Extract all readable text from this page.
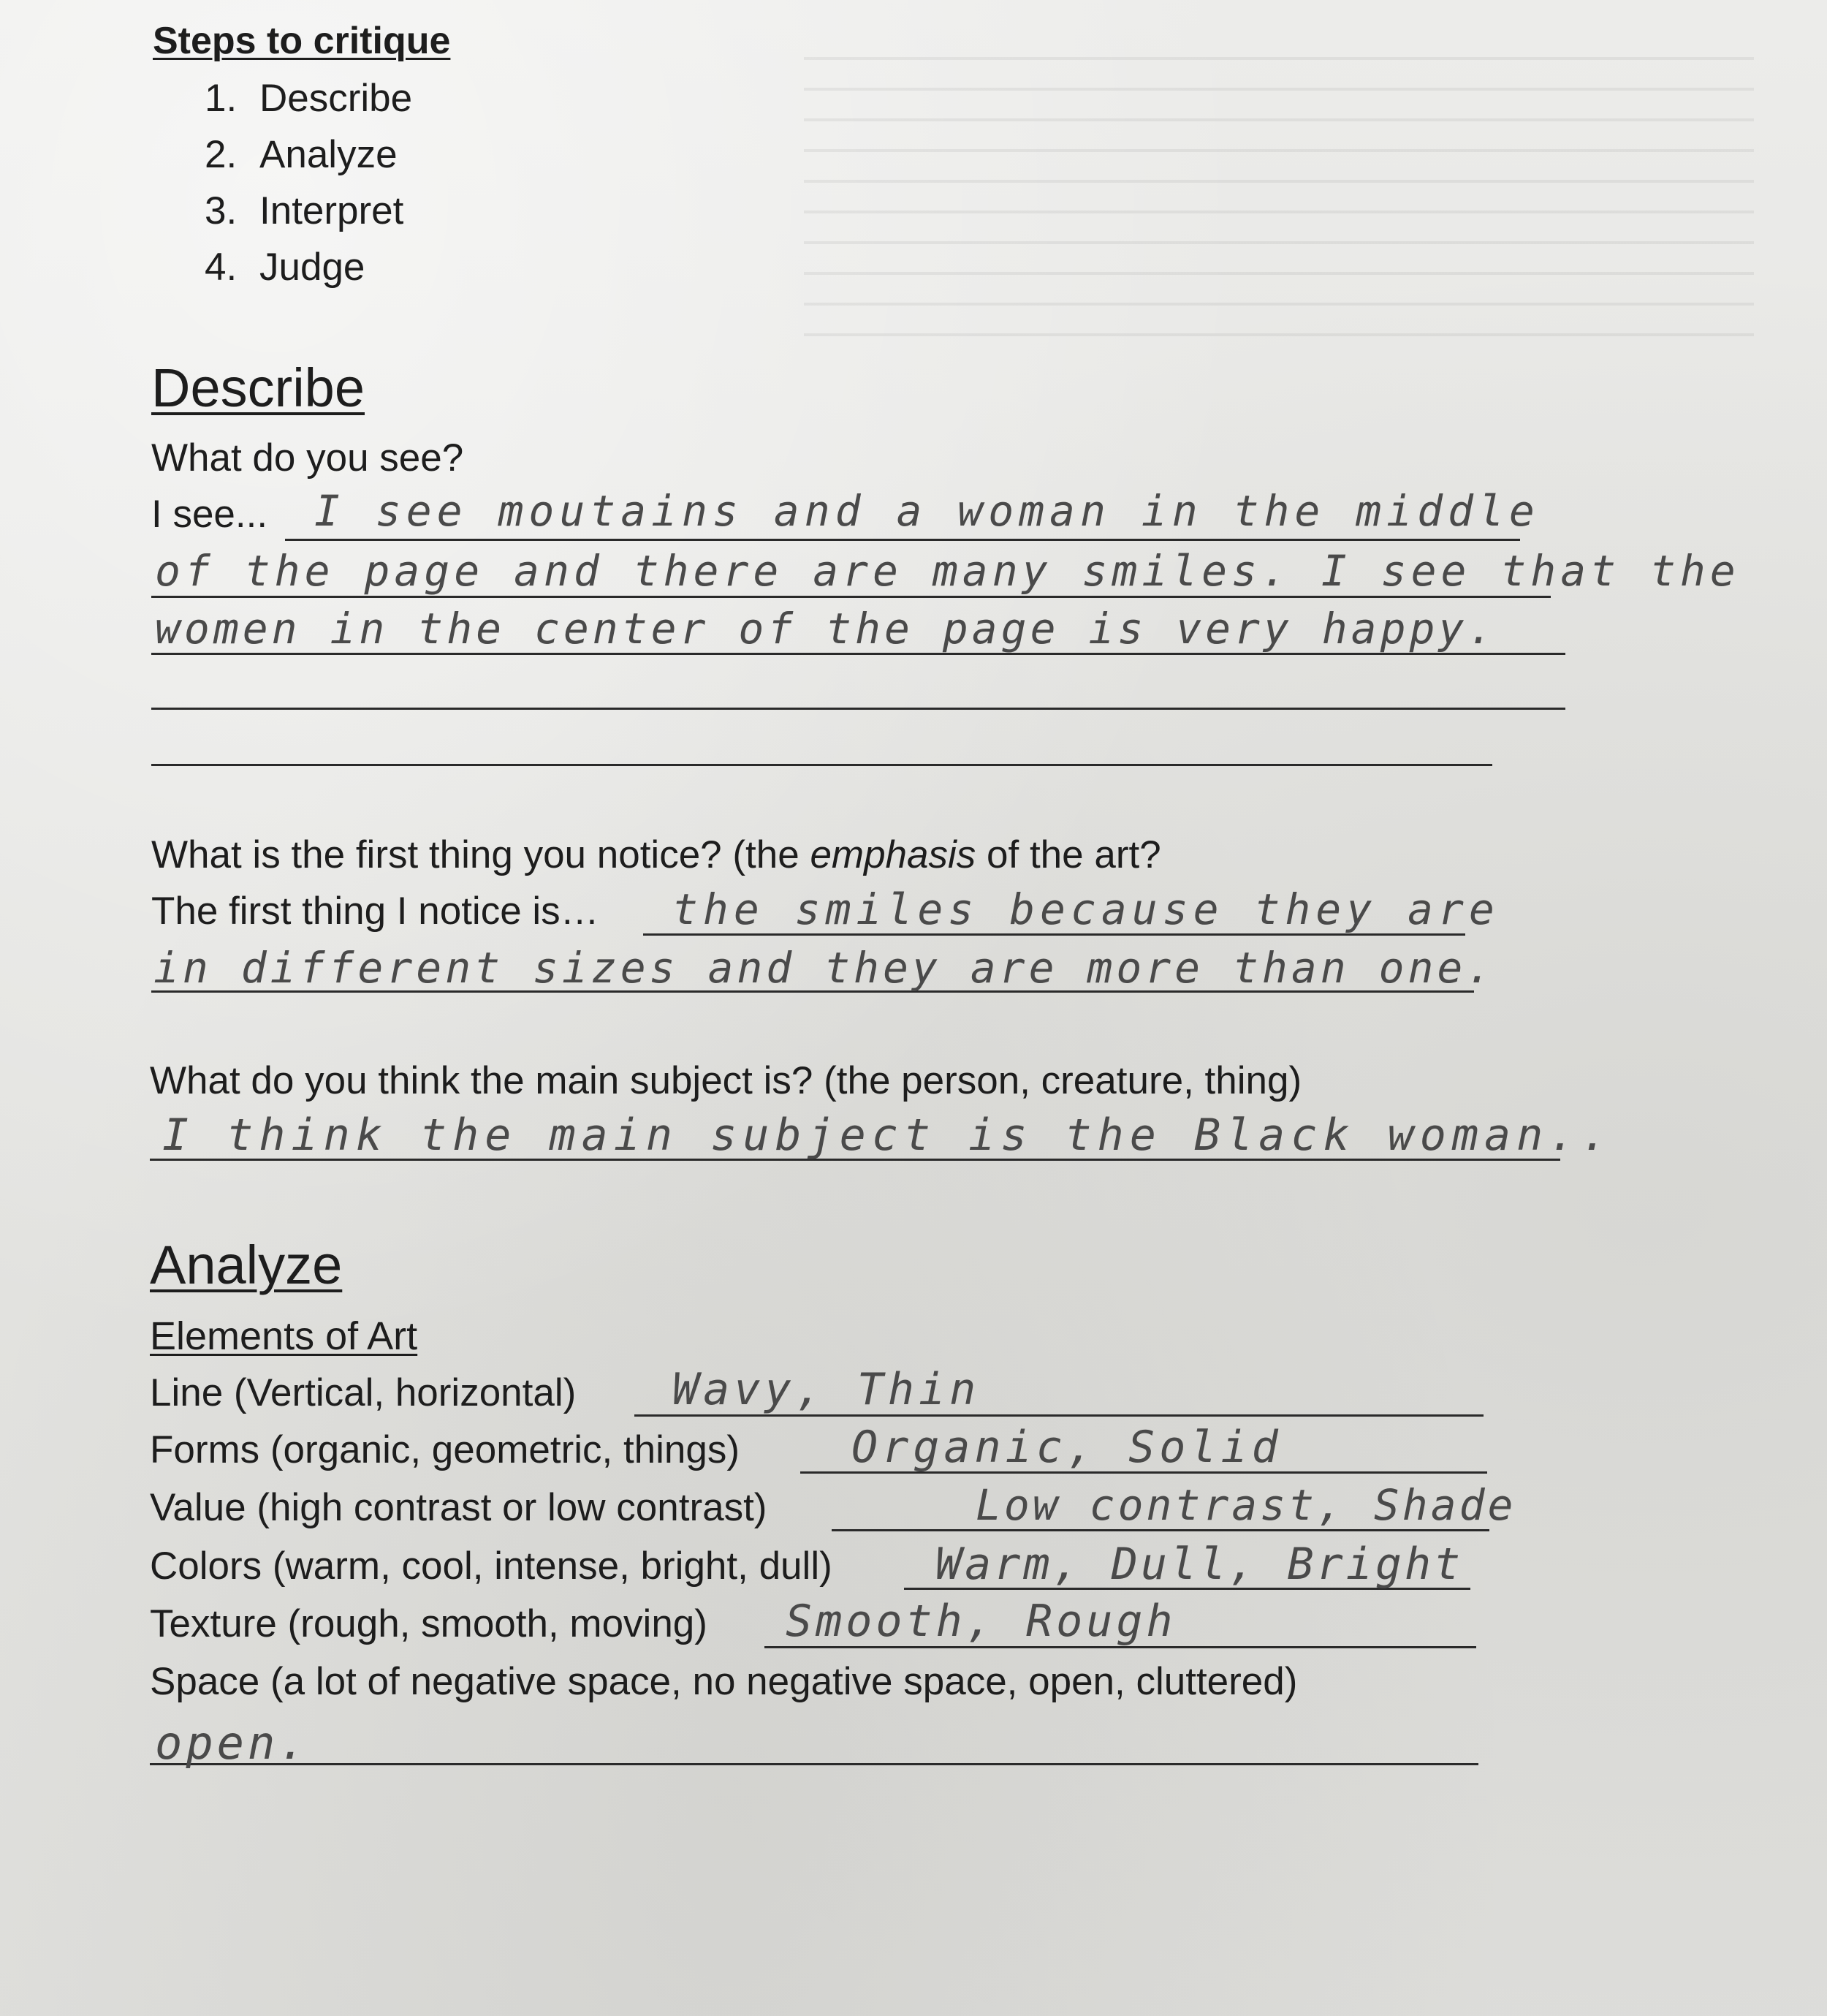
Steps to critique
1. Describe
2. Analyze
3. Interpret
4. Judge
Describe
What do you see?
I see... I see moutains and a woman in the middle
of the page and there are many smiles. I see that the
women in the center of the page is very happy.
What is the first thing you notice? (the emphasis of the art?
The first thing I notice is… the smiles because they are
in different sizes and they are more than one.
What do you think the main subject is? (the person, creature, thing)
I think the main subject is the Black woman..
Analyze
Elements of Art
Line (Vertical, horizontal) Wavy, Thin
Forms (organic, geometric, things)	Organic, Solid
Value (high contrast or low contrast)	Low contrast, Shade
Colors (warm, cool, intense, bright, dull) Warm, Dull, Bright
Texture (rough, smooth, moving) Smooth, Rough
Space (a lot of negative space, no negative space, open, cluttered)
open.
